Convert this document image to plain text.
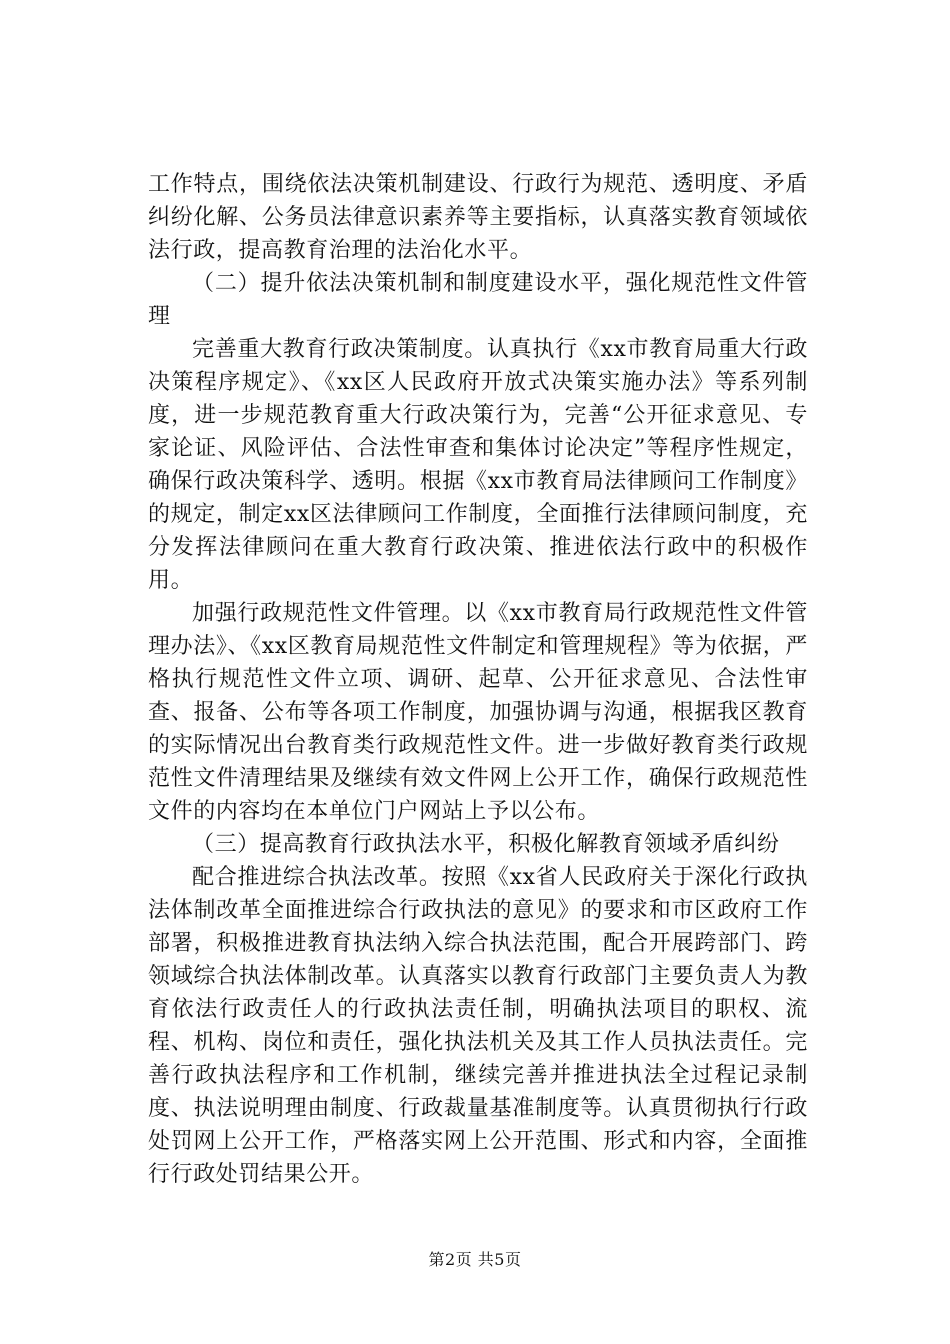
工作特点，围绕依法决策机制建设、行政行为规范、透明度、矛盾纠纷化解、公务员法律意识素养等主要指标，认真落实教育领域依法行政，提高教育治理的法治化水平。

（二）提升依法决策机制和制度建设水平，强化规范性文件管理

完善重大教育行政决策制度。认真执行《xx市教育局重大行政决策程序规定》、《xx区人民政府开放式决策实施办法》等系列制度，进一步规范教育重大行政决策行为，完善“公开征求意见、专家论证、风险评估、合法性审查和集体讨论决定”等程序性规定，确保行政决策科学、透明。根据《xx市教育局法律顾问工作制度》的规定，制定xx区法律顾问工作制度，全面推行法律顾问制度，充分发挥法律顾问在重大教育行政决策、推进依法行政中的积极作用。

加强行政规范性文件管理。以《xx市教育局行政规范性文件管理办法》、《xx区教育局规范性文件制定和管理规程》等为依据，严格执行规范性文件立项、调研、起草、公开征求意见、合法性审查、报备、公布等各项工作制度，加强协调与沟通，根据我区教育的实际情况出台教育类行政规范性文件。进一步做好教育类行政规范性文件清理结果及继续有效文件网上公开工作，确保行政规范性文件的内容均在本单位门户网站上予以公布。

（三）提高教育行政执法水平，积极化解教育领域矛盾纠纷

配合推进综合执法改革。按照《xx省人民政府关于深化行政执法体制改革全面推进综合行政执法的意见》的要求和市区政府工作部署，积极推进教育执法纳入综合执法范围，配合开展跨部门、跨领域综合执法体制改革。认真落实以教育行政部门主要负责人为教育依法行政责任人的行政执法责任制，明确执法项目的职权、流程、机构、岗位和责任，强化执法机关及其工作人员执法责任。完善行政执法程序和工作机制，继续完善并推进执法全过程记录制度、执法说明理由制度、行政裁量基准制度等。认真贯彻执行行政处罚网上公开工作，严格落实网上公开范围、形式和内容，全面推行行政处罚结果公开。

第2页 共5页
